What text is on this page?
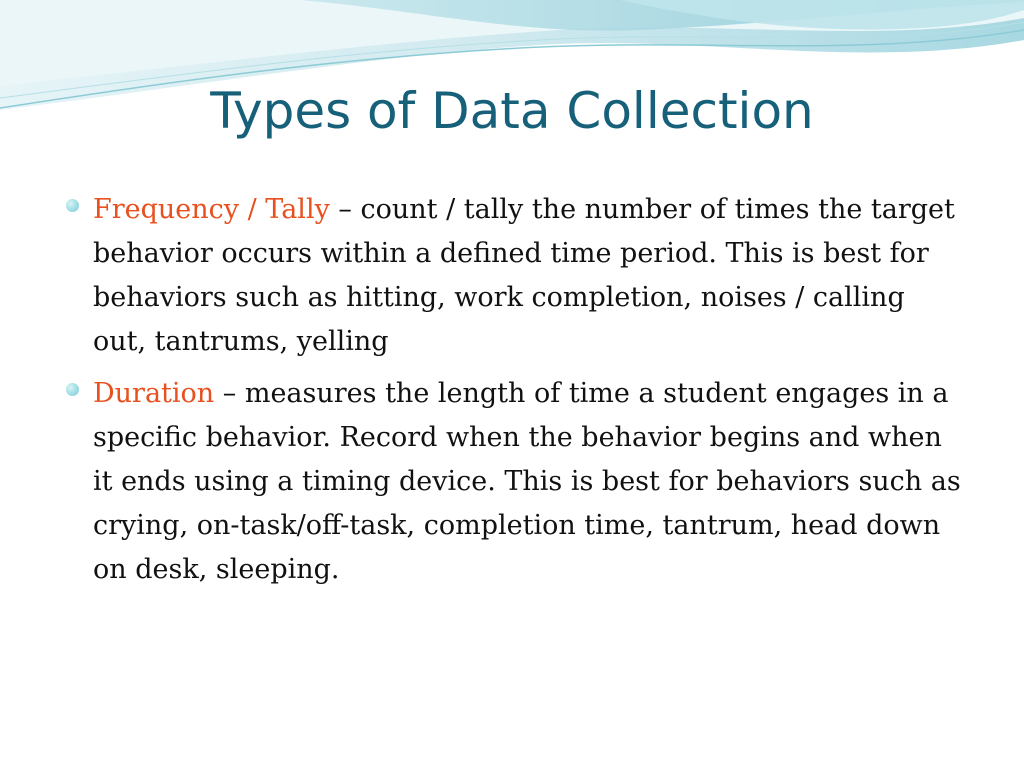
Types of Data Collection
Frequency / Tally – count / tally the number of times the target behavior occurs within a defined time period. This is best for behaviors such as hitting, work completion, noises / calling out, tantrums, yelling
Duration – measures the length of time a student engages in a specific behavior. Record when the behavior begins and when it ends using a timing device. This is best for behaviors such as crying, on-task/off-task, completion time, tantrum, head down on desk, sleeping.
